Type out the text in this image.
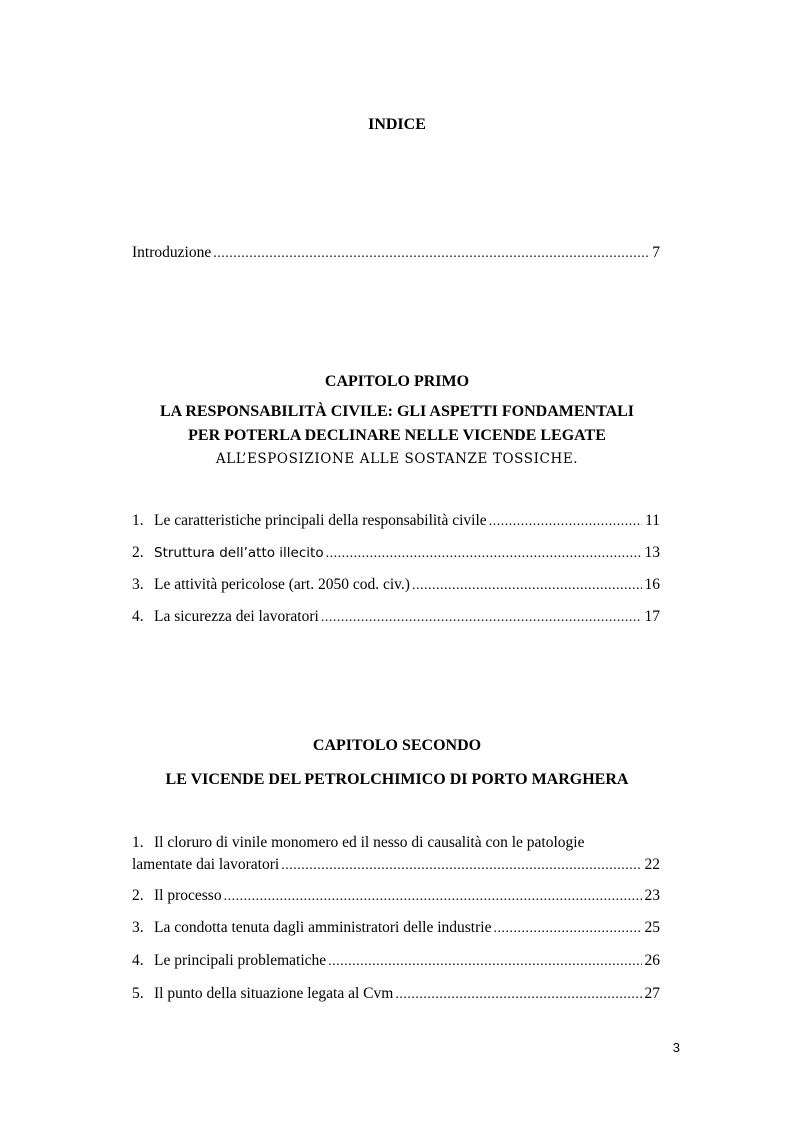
INDICE
Introduzione .....	7
CAPITOLO PRIMO
LA RESPONSABILITÀ CIVILE: GLI ASPETTI FONDAMENTALI
PER POTERLA DECLINARE NELLE VICENDE LEGATE
ALL’ESPOSIZIONE ALLE SOSTANZE TOSSICHE.
1. Le caratteristiche principali della responsabilità civile .....	11
2. Struttura dell’atto illecito .....	13
3. Le attività pericolose (art. 2050 cod. civ.) .....	16
4. La sicurezza dei lavoratori .....	17
CAPITOLO SECONDO
LE VICENDE DEL PETROLCHIMICO DI PORTO MARGHERA
1. Il cloruro di vinile monomero ed il nesso di causalità con le patologie
lamentate dai lavoratori .....	22
2. Il processo .....	23
3. La condotta tenuta dagli amministratori delle industrie .....	25
4. Le principali problematiche .....	26
5. Il punto della situazione legata al Cvm .....	27
3
